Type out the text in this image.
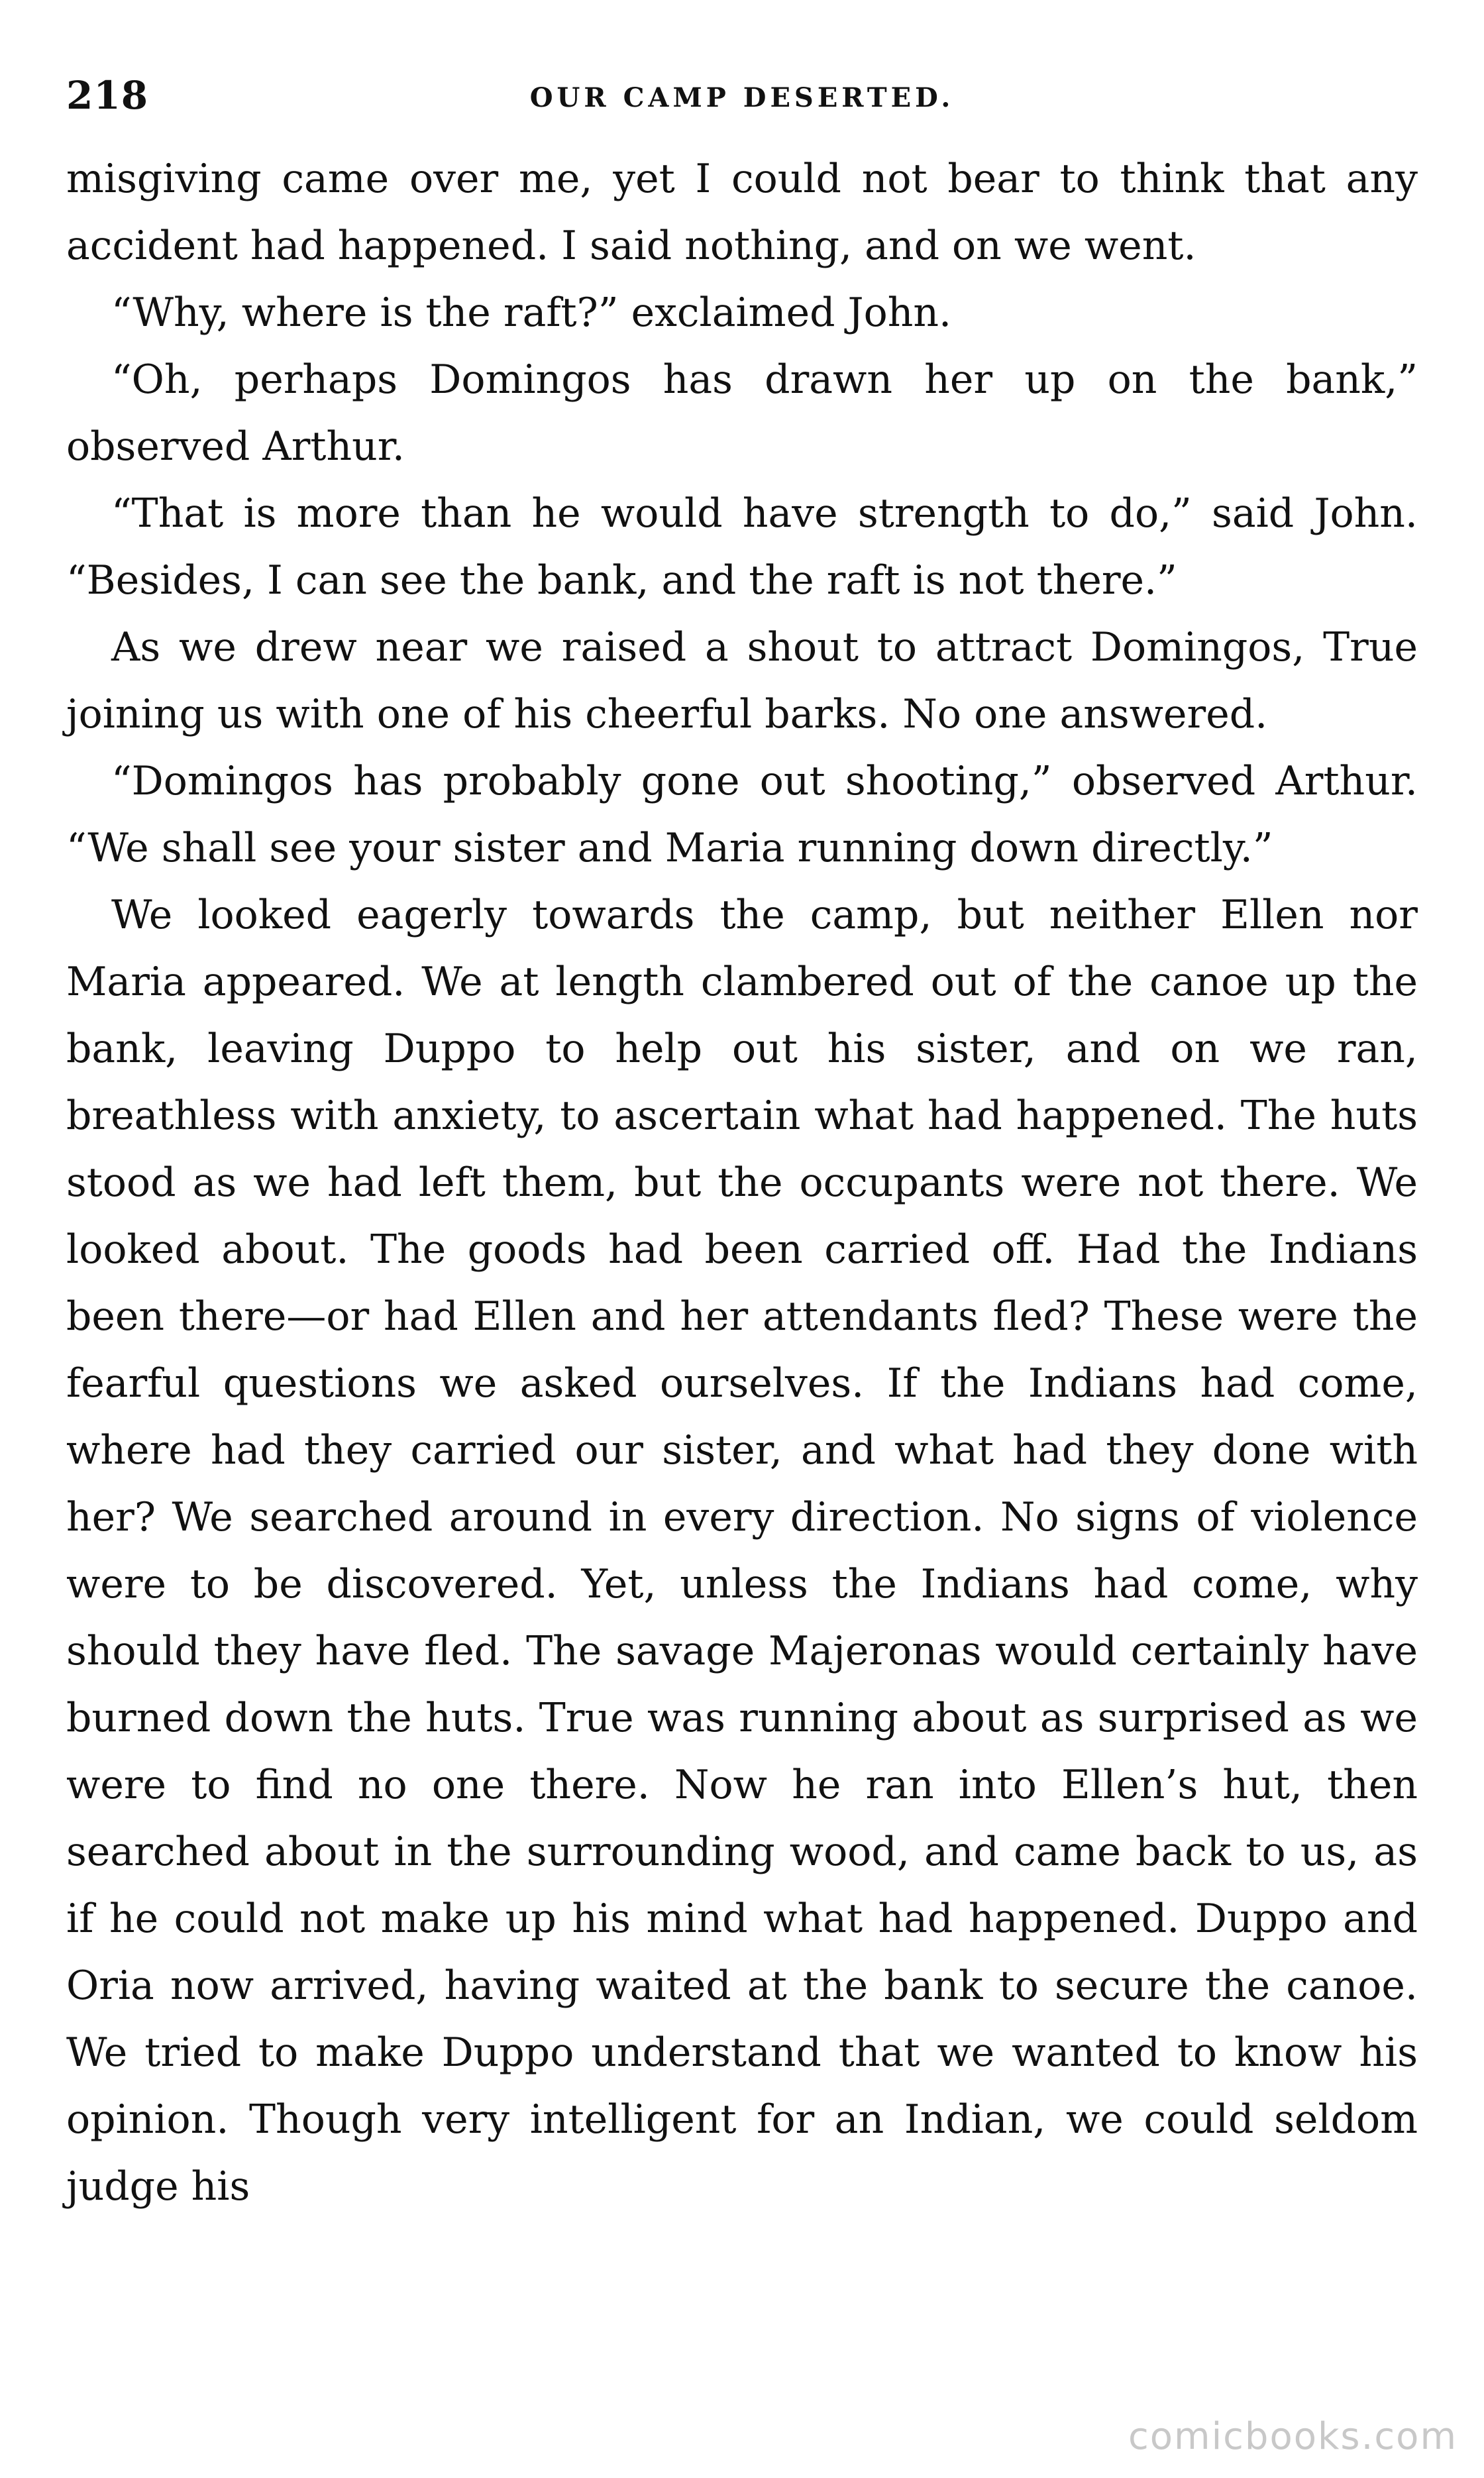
218	OUR CAMP DESERTED.

misgiving came over me, yet I could not bear to think that any accident had happened. I said nothing, and on we went.

“Why, where is the raft?” exclaimed John.

“Oh, perhaps Domingos has drawn her up on the bank,” observed Arthur.

“That is more than he would have strength to do,” said John. “Besides, I can see the bank, and the raft is not there.”

As we drew near we raised a shout to attract Domingos, True joining us with one of his cheerful barks. No one answered.

“Domingos has probably gone out shooting,” observed Arthur. “We shall see your sister and Maria running down directly.”

We looked eagerly towards the camp, but neither Ellen nor Maria appeared. We at length clambered out of the canoe up the bank, leaving Duppo to help out his sister, and on we ran, breathless with anxiety, to ascertain what had happened. The huts stood as we had left them, but the occupants were not there. We looked about. The goods had been carried off. Had the Indians been there—or had Ellen and her attendants fled? These were the fearful questions we asked ourselves. If the Indians had come, where had they carried our sister, and what had they done with her? We searched around in every direction. No signs of violence were to be discovered. Yet, unless the Indians had come, why should they have fled. The savage Majeronas would certainly have burned down the huts. True was running about as surprised as we were to find no one there. Now he ran into Ellen’s hut, then searched about in the surrounding wood, and came back to us, as if he could not make up his mind what had happened. Duppo and Oria now arrived, having waited at the bank to secure the canoe. We tried to make Duppo understand that we wanted to know his opinion. Though very intelligent for an Indian, we could seldom judge his

comicbooks.com
